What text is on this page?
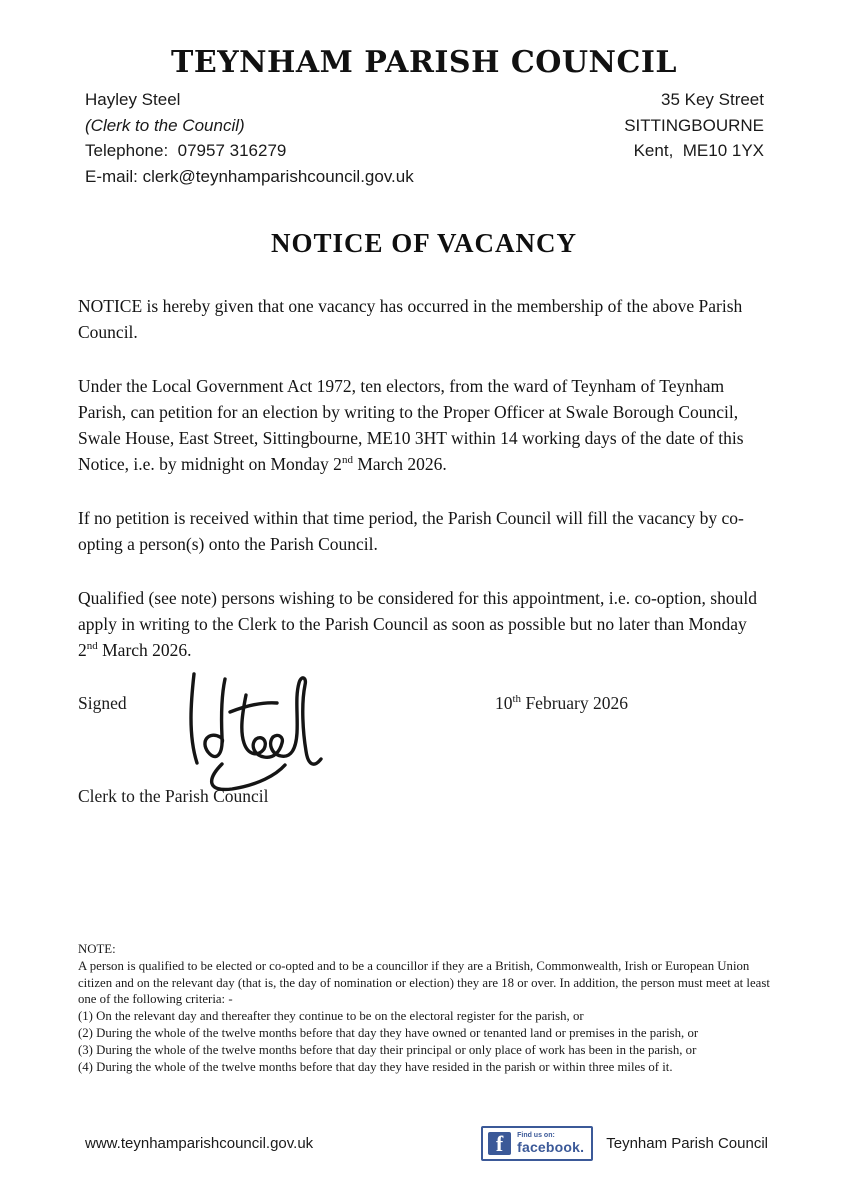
TEYNHAM PARISH COUNCIL
Hayley Steel
(Clerk to the Council)
Telephone:  07957 316279
E-mail: clerk@teynhamparishcouncil.gov.uk
35 Key Street
SITTINGBOURNE
Kent,  ME10 1YX
NOTICE OF VACANCY

NOTICE is hereby given that one vacancy has occurred in the membership of the above Parish Council.

Under the Local Government Act 1972, ten electors, from the ward of Teynham of Teynham Parish, can petition for an election by writing to the Proper Officer at Swale Borough Council, Swale House, East Street, Sittingbourne, ME10 3HT within 14 working days of the date of this Notice, i.e. by midnight on Monday 2nd March 2026.

If no petition is received within that time period, the Parish Council will fill the vacancy by co-opting a person(s) onto the Parish Council.

Qualified (see note) persons wishing to be considered for this appointment, i.e. co-option, should apply in writing to the Clerk to the Parish Council as soon as possible but no later than Monday 2nd March 2026.

Signed	10th February 2026
Clerk to the Parish Council

NOTE:

A person is qualified to be elected or co-opted and to be a councillor if they are a British, Commonwealth, Irish or European Union citizen and on the relevant day (that is, the day of nomination or election) they are 18 or over. In addition, the person must meet at least one of the following criteria: -

(1) On the relevant day and thereafter they continue to be on the electoral register for the parish, or

(2) During the whole of the twelve months before that day they have owned or tenanted land or premises in the parish, or

(3) During the whole of the twelve months before that day their principal or only place of work has been in the parish, or

(4) During the whole of the twelve months before that day they have resided in the parish or within three miles of it.

www.teynhamparishcouncil.gov.uk	f	Find us on:
facebook. Teynham Parish Council
